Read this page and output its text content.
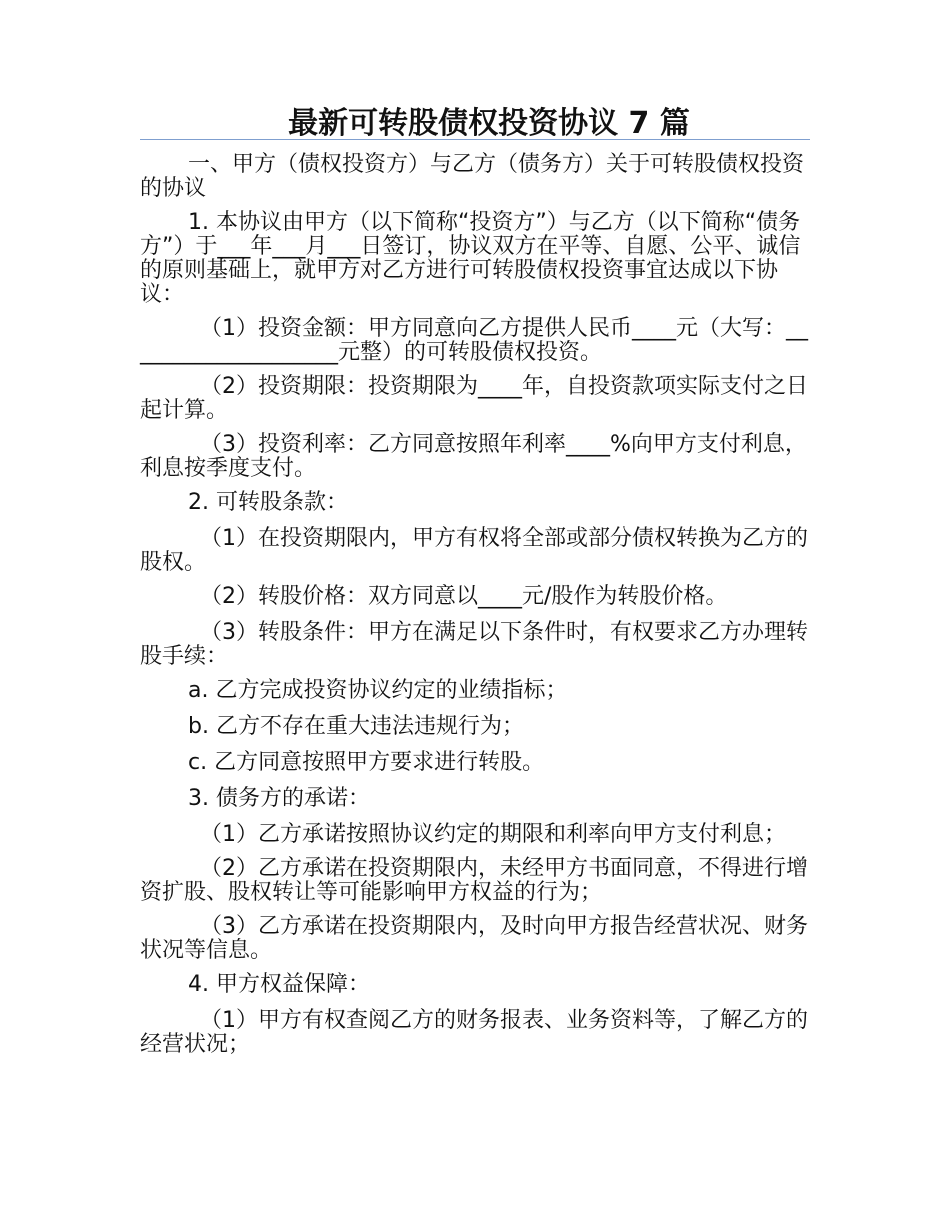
最新可转股债权投资协议 7 篇

一、甲方（债权投资方）与乙方（债务方）关于可转股债权投资的协议

1. 本协议由甲方（以下简称“投资方”）与乙方（以下简称“债务方”）于___年___月___日签订，协议双方在平等、自愿、公平、诚信的原则基础上，就甲方对乙方进行可转股债权投资事宜达成以下协议：

（1）投资金额：甲方同意向乙方提供人民币____元（大写：____________________元整）的可转股债权投资。

（2）投资期限：投资期限为____年，自投资款项实际支付之日起计算。

（3）投资利率：乙方同意按照年利率____%向甲方支付利息，利息按季度支付。

2. 可转股条款：

（1）在投资期限内，甲方有权将全部或部分债权转换为乙方的股权。

（2）转股价格：双方同意以____元/股作为转股价格。

（3）转股条件：甲方在满足以下条件时，有权要求乙方办理转股手续：

a. 乙方完成投资协议约定的业绩指标；

b. 乙方不存在重大违法违规行为；

c. 乙方同意按照甲方要求进行转股。

3. 债务方的承诺：

（1）乙方承诺按照协议约定的期限和利率向甲方支付利息；

（2）乙方承诺在投资期限内，未经甲方书面同意，不得进行增资扩股、股权转让等可能影响甲方权益的行为；

（3）乙方承诺在投资期限内，及时向甲方报告经营状况、财务状况等信息。

4. 甲方权益保障：

（1）甲方有权查阅乙方的财务报表、业务资料等，了解乙方的经营状况；
